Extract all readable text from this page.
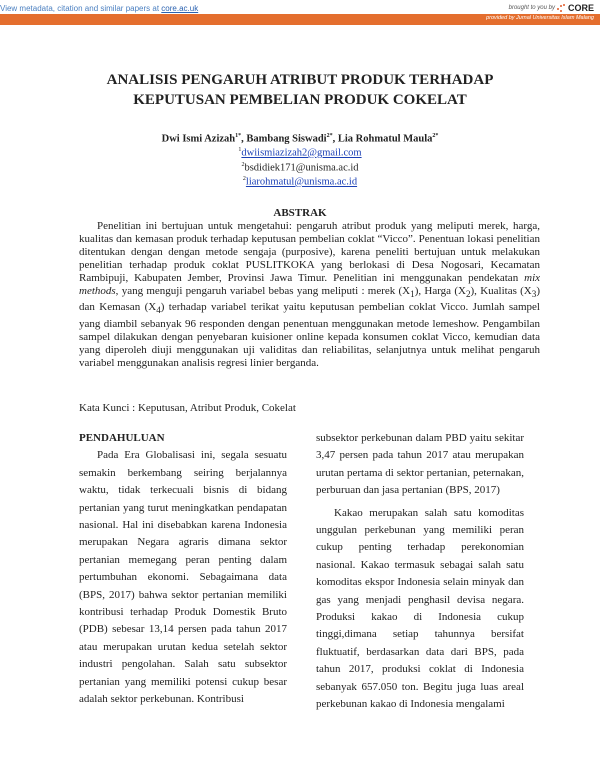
View metadata, citation and similar papers at core.ac.uk	brought to you by CORE
provided by Jurnal Universitas Islam Malang
ANALISIS PENGARUH ATRIBUT PRODUK TERHADAP
KEPUTUSAN PEMBELIAN PRODUK COKELAT
Dwi Ismi Azizah$^{1*}$, Bambang Siswadi$^{2*}$, Lia Rohmatul Maula$^{2*}$
$^1$dwiismiazizah2@gmail.com
$^2$bsdidiek171@unisma.ac.id
$^2$liarohmatul@unisma.ac.id
ABSTRAK
Penelitian ini bertujuan untuk mengetahui: pengaruh atribut produk yang meliputi merek, harga, kualitas dan kemasan produk terhadap keputusan pembelian coklat “Vicco”. Penentuan lokasi penelitian ditentukan dengan dengan metode sengaja (purposive), karena peneliti bertujuan untuk melakukan penelitian terhadap produk coklat PUSLITKOKA yang berlokasi di Desa Nogosari, Kecamatan Rambipuji, Kabupaten Jember, Provinsi Jawa Timur. Penelitian ini menggunakan pendekatan mix methods, yang menguji pengaruh variabel bebas yang meliputi : merek $(X_1)$, Harga $(X_2)$, Kualitas $(X_3)$ dan Kemasan $(X_4)$ terhadap variabel terikat yaitu keputusan pembelian coklat Vicco. Jumlah sampel yang diambil sebanyak 96 responden dengan penentuan menggunakan metode lemeshow. Pengambilan sampel dilakukan dengan penyebaran kuisioner online kepada konsumen coklat Vicco, kemudian data yang diperoleh diuji menggunakan uji validitas dan reliabilitas, selanjutnya untuk melihat pengaruh variabel menggunakan analisis regresi linier berganda.
Kata Kunci : Keputusan, Atribut Produk, Cokelat
PENDAHULUAN
Pada Era Globalisasi ini, segala sesuatu semakin berkembang seiring berjalannya waktu, tidak terkecuali bisnis di bidang pertanian yang turut meningkatkan pendapatan nasional. Hal ini disebabkan karena Indonesia merupakan Negara agraris dimana sektor pertanian memegang peran penting dalam pertumbuhan ekonomi. Sebagaimana data (BPS, 2017) bahwa sektor pertanian memiliki kontribusi terhadap Produk Domestik Bruto (PDB) sebesar 13,14 persen pada tahun 2017 atau merupakan urutan kedua setelah sektor industri pengolahan. Salah satu subsektor pertanian yang memiliki potensi cukup besar adalah sektor perkebunan. Kontribusi
subsektor perkebunan dalam PBD yaitu sekitar 3,47 persen pada tahun 2017 atau merupakan urutan pertama di sektor pertanian, peternakan, perburuan dan jasa pertanian (BPS, 2017)
Kakao merupakan salah satu komoditas unggulan perkebunan yang memiliki peran cukup penting terhadap perekonomian nasional. Kakao termasuk sebagai salah satu komoditas ekspor Indonesia selain minyak dan gas yang menjadi penghasil devisa negara. Produksi kakao di Indonesia cukup tinggi,dimana setiap tahunnya bersifat fluktuatif, berdasarkan data dari BPS, pada tahun 2017, produksi coklat di Indonesia sebanyak 657.050 ton. Begitu juga luas areal perkebunan kakao di Indonesia mengalami
